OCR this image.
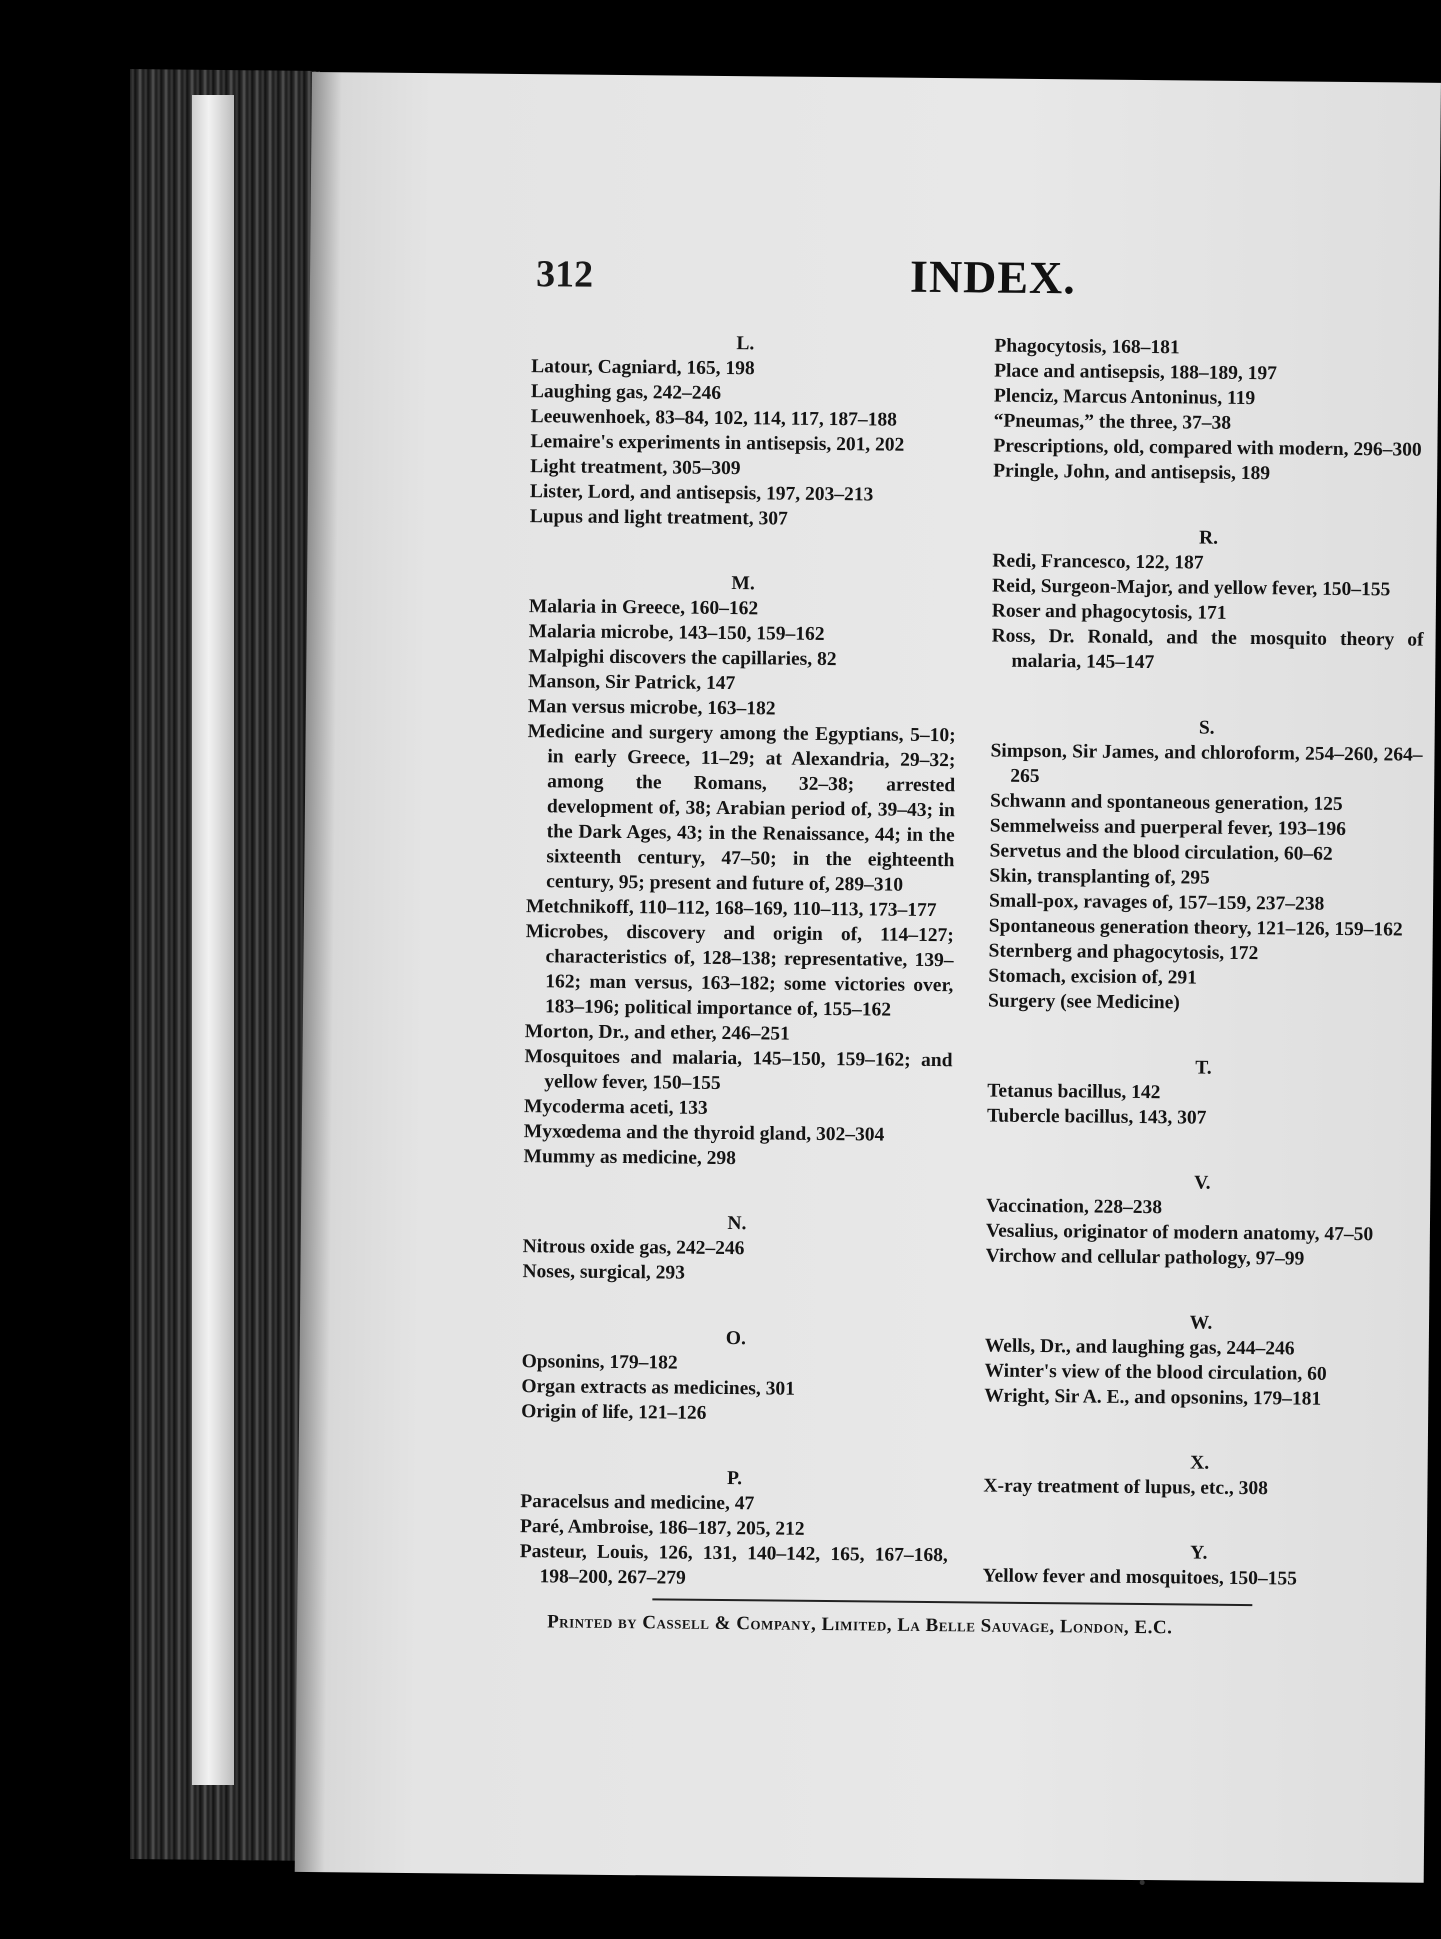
312	INDEX.

L.

Latour, Cagniard, 165, 198

Laughing gas, 242–246

Leeuwenhoek, 83–84, 102, 114, 117, 187–188

Lemaire's experiments in antisepsis, 201, 202

Light treatment, 305–309

Lister, Lord, and antisepsis, 197, 203–213

Lupus and light treatment, 307

M.

Malaria in Greece, 160–162

Malaria microbe, 143–150, 159–162

Malpighi discovers the capillaries, 82

Manson, Sir Patrick, 147

Man versus microbe, 163–182

Medicine and surgery among the Egyptians, 5–10; in early Greece, 11–29; at Alexandria, 29–32; among the Romans, 32–38; arrested development of, 38; Arabian period of, 39–43; in the Dark Ages, 43; in the Renaissance, 44; in the sixteenth century, 47–50; in the eighteenth century, 95; present and future of, 289–310

Metchnikoff, 110–112, 168–169, 110–113, 173–177

Microbes, discovery and origin of, 114–127; characteristics of, 128–138; representative, 139–162; man versus, 163–182; some victories over, 183–196; political importance of, 155–162

Morton, Dr., and ether, 246–251

Mosquitoes and malaria, 145–150, 159–162; and yellow fever, 150–155

Mycoderma aceti, 133

Myxœdema and the thyroid gland, 302–304

Mummy as medicine, 298

N.

Nitrous oxide gas, 242–246

Noses, surgical, 293

O.

Opsonins, 179–182

Organ extracts as medicines, 301

Origin of life, 121–126

P.

Paracelsus and medicine, 47

Paré, Ambroise, 186–187, 205, 212

Pasteur, Louis, 126, 131, 140–142, 165, 167–168, 198–200, 267–279

Phagocytosis, 168–181

Place and antisepsis, 188–189, 197

Plenciz, Marcus Antoninus, 119

“Pneumas,” the three, 37–38

Prescriptions, old, compared with modern, 296–300

Pringle, John, and antisepsis, 189

R.

Redi, Francesco, 122, 187

Reid, Surgeon-Major, and yellow fever, 150–155

Roser and phagocytosis, 171

Ross, Dr. Ronald, and the mosquito theory of malaria, 145–147

S.

Simpson, Sir James, and chloroform, 254–260, 264–265

Schwann and spontaneous generation, 125

Semmelweiss and puerperal fever, 193–196

Servetus and the blood circulation, 60–62

Skin, transplanting of, 295

Small-pox, ravages of, 157–159, 237–238

Spontaneous generation theory, 121–126, 159–162

Sternberg and phagocytosis, 172

Stomach, excision of, 291

Surgery (see Medicine)

T.

Tetanus bacillus, 142

Tubercle bacillus, 143, 307

V.

Vaccination, 228–238

Vesalius, originator of modern anatomy, 47–50

Virchow and cellular pathology, 97–99

W.

Wells, Dr., and laughing gas, 244–246

Winter's view of the blood circulation, 60

Wright, Sir A. E., and opsonins, 179–181

X.

X-ray treatment of lupus, etc., 308

Y.

Yellow fever and mosquitoes, 150–155

Printed by Cassell & Company, Limited, La Belle Sauvage, London, E.C.
